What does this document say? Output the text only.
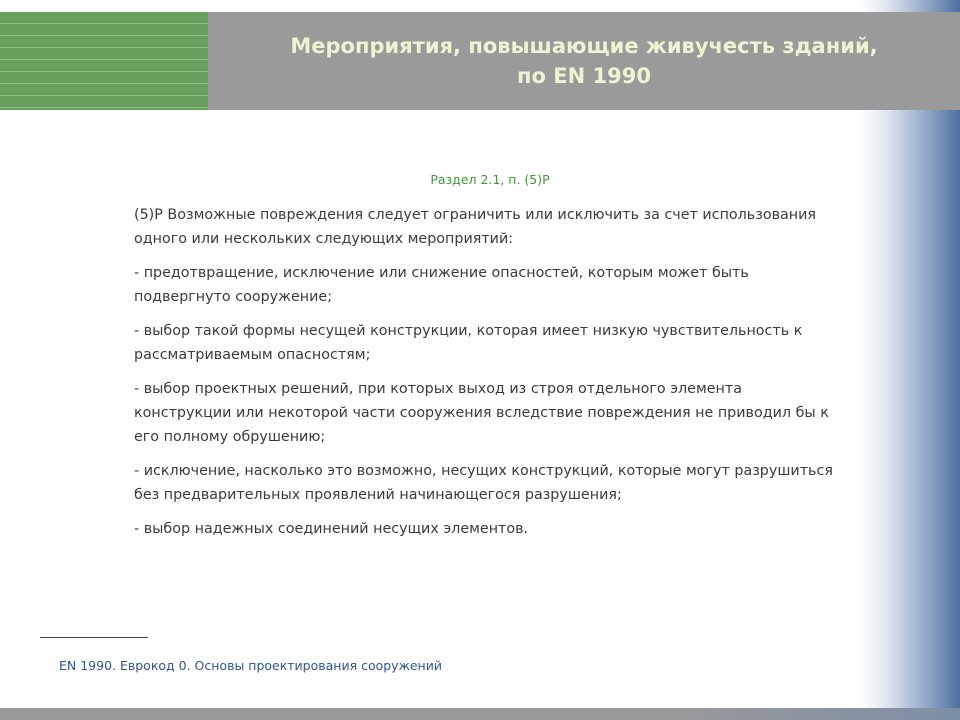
Мероприятия, повышающие живучесть зданий,
по EN 1990
Раздел 2.1, п. (5)Р

(5)Р Возможные повреждения следует ограничить или исключить за счет использования одного или нескольких следующих мероприятий:

- предотвращение, исключение или снижение опасностей, которым может быть подвергнуто сооружение;

- выбор такой формы несущей конструкции, которая имеет низкую чувствительность к рассматриваемым опасностям;

- выбор проектных решений, при которых выход из строя отдельного элемента конструкции или некоторой части сооружения вследствие повреждения не приводил бы к его полному обрушению;

- исключение, насколько это возможно, несущих конструкций, которые могут разрушиться без предварительных проявлений начинающегося разрушения;

- выбор надежных соединений несущих элементов.

EN 1990. Еврокод 0. Основы проектирования сооружений
